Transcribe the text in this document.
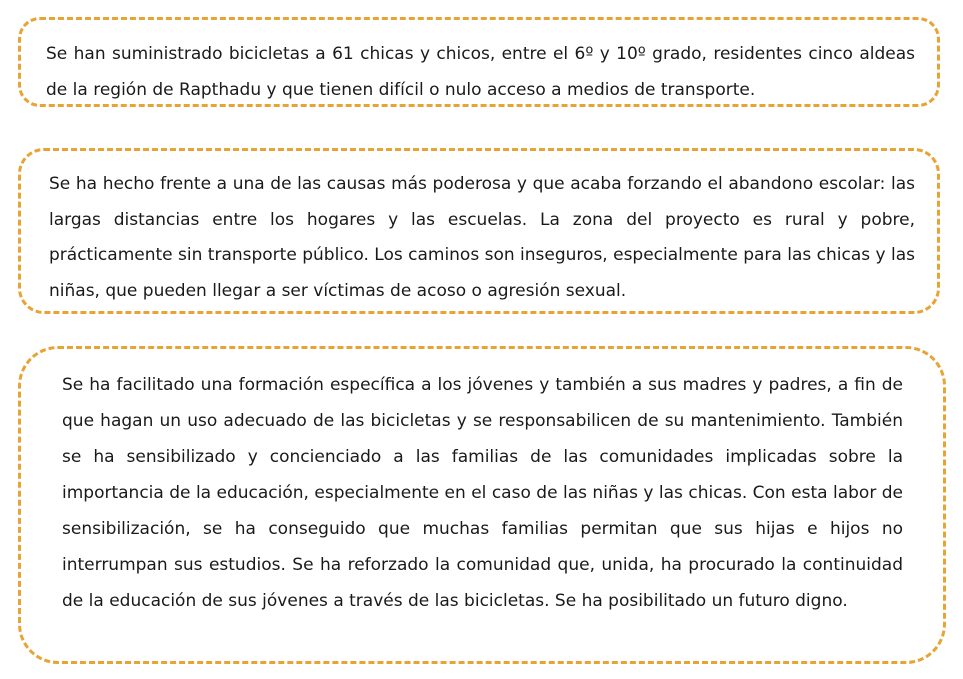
Se han suministrado bicicletas a 61 chicas y chicos, entre el 6º y 10º grado, residentes cinco aldeas de la región de Rapthadu y que tienen difícil o nulo acceso a medios de transporte.

Se ha hecho frente a una de las causas más poderosa y que acaba forzando el abandono escolar: las largas distancias entre los hogares y las escuelas. La zona del proyecto es rural y pobre, prácticamente sin transporte público. Los caminos son inseguros, especialmente para las chicas y las niñas, que pueden llegar a ser víctimas de acoso o agresión sexual.

Se ha facilitado una formación específica a los jóvenes y también a sus madres y padres, a fin de que hagan un uso adecuado de las bicicletas y se responsabilicen de su mantenimiento. También se ha sensibilizado y concienciado a las familias de las comunidades implicadas sobre la importancia de la educación, especialmente en el caso de las niñas y las chicas. Con esta labor de sensibilización, se ha conseguido que muchas familias permitan que sus hijas e hijos no interrumpan sus estudios. Se ha reforzado la comunidad que, unida, ha procurado la continuidad de la educación de sus jóvenes a través de las bicicletas. Se ha posibilitado un futuro digno.
